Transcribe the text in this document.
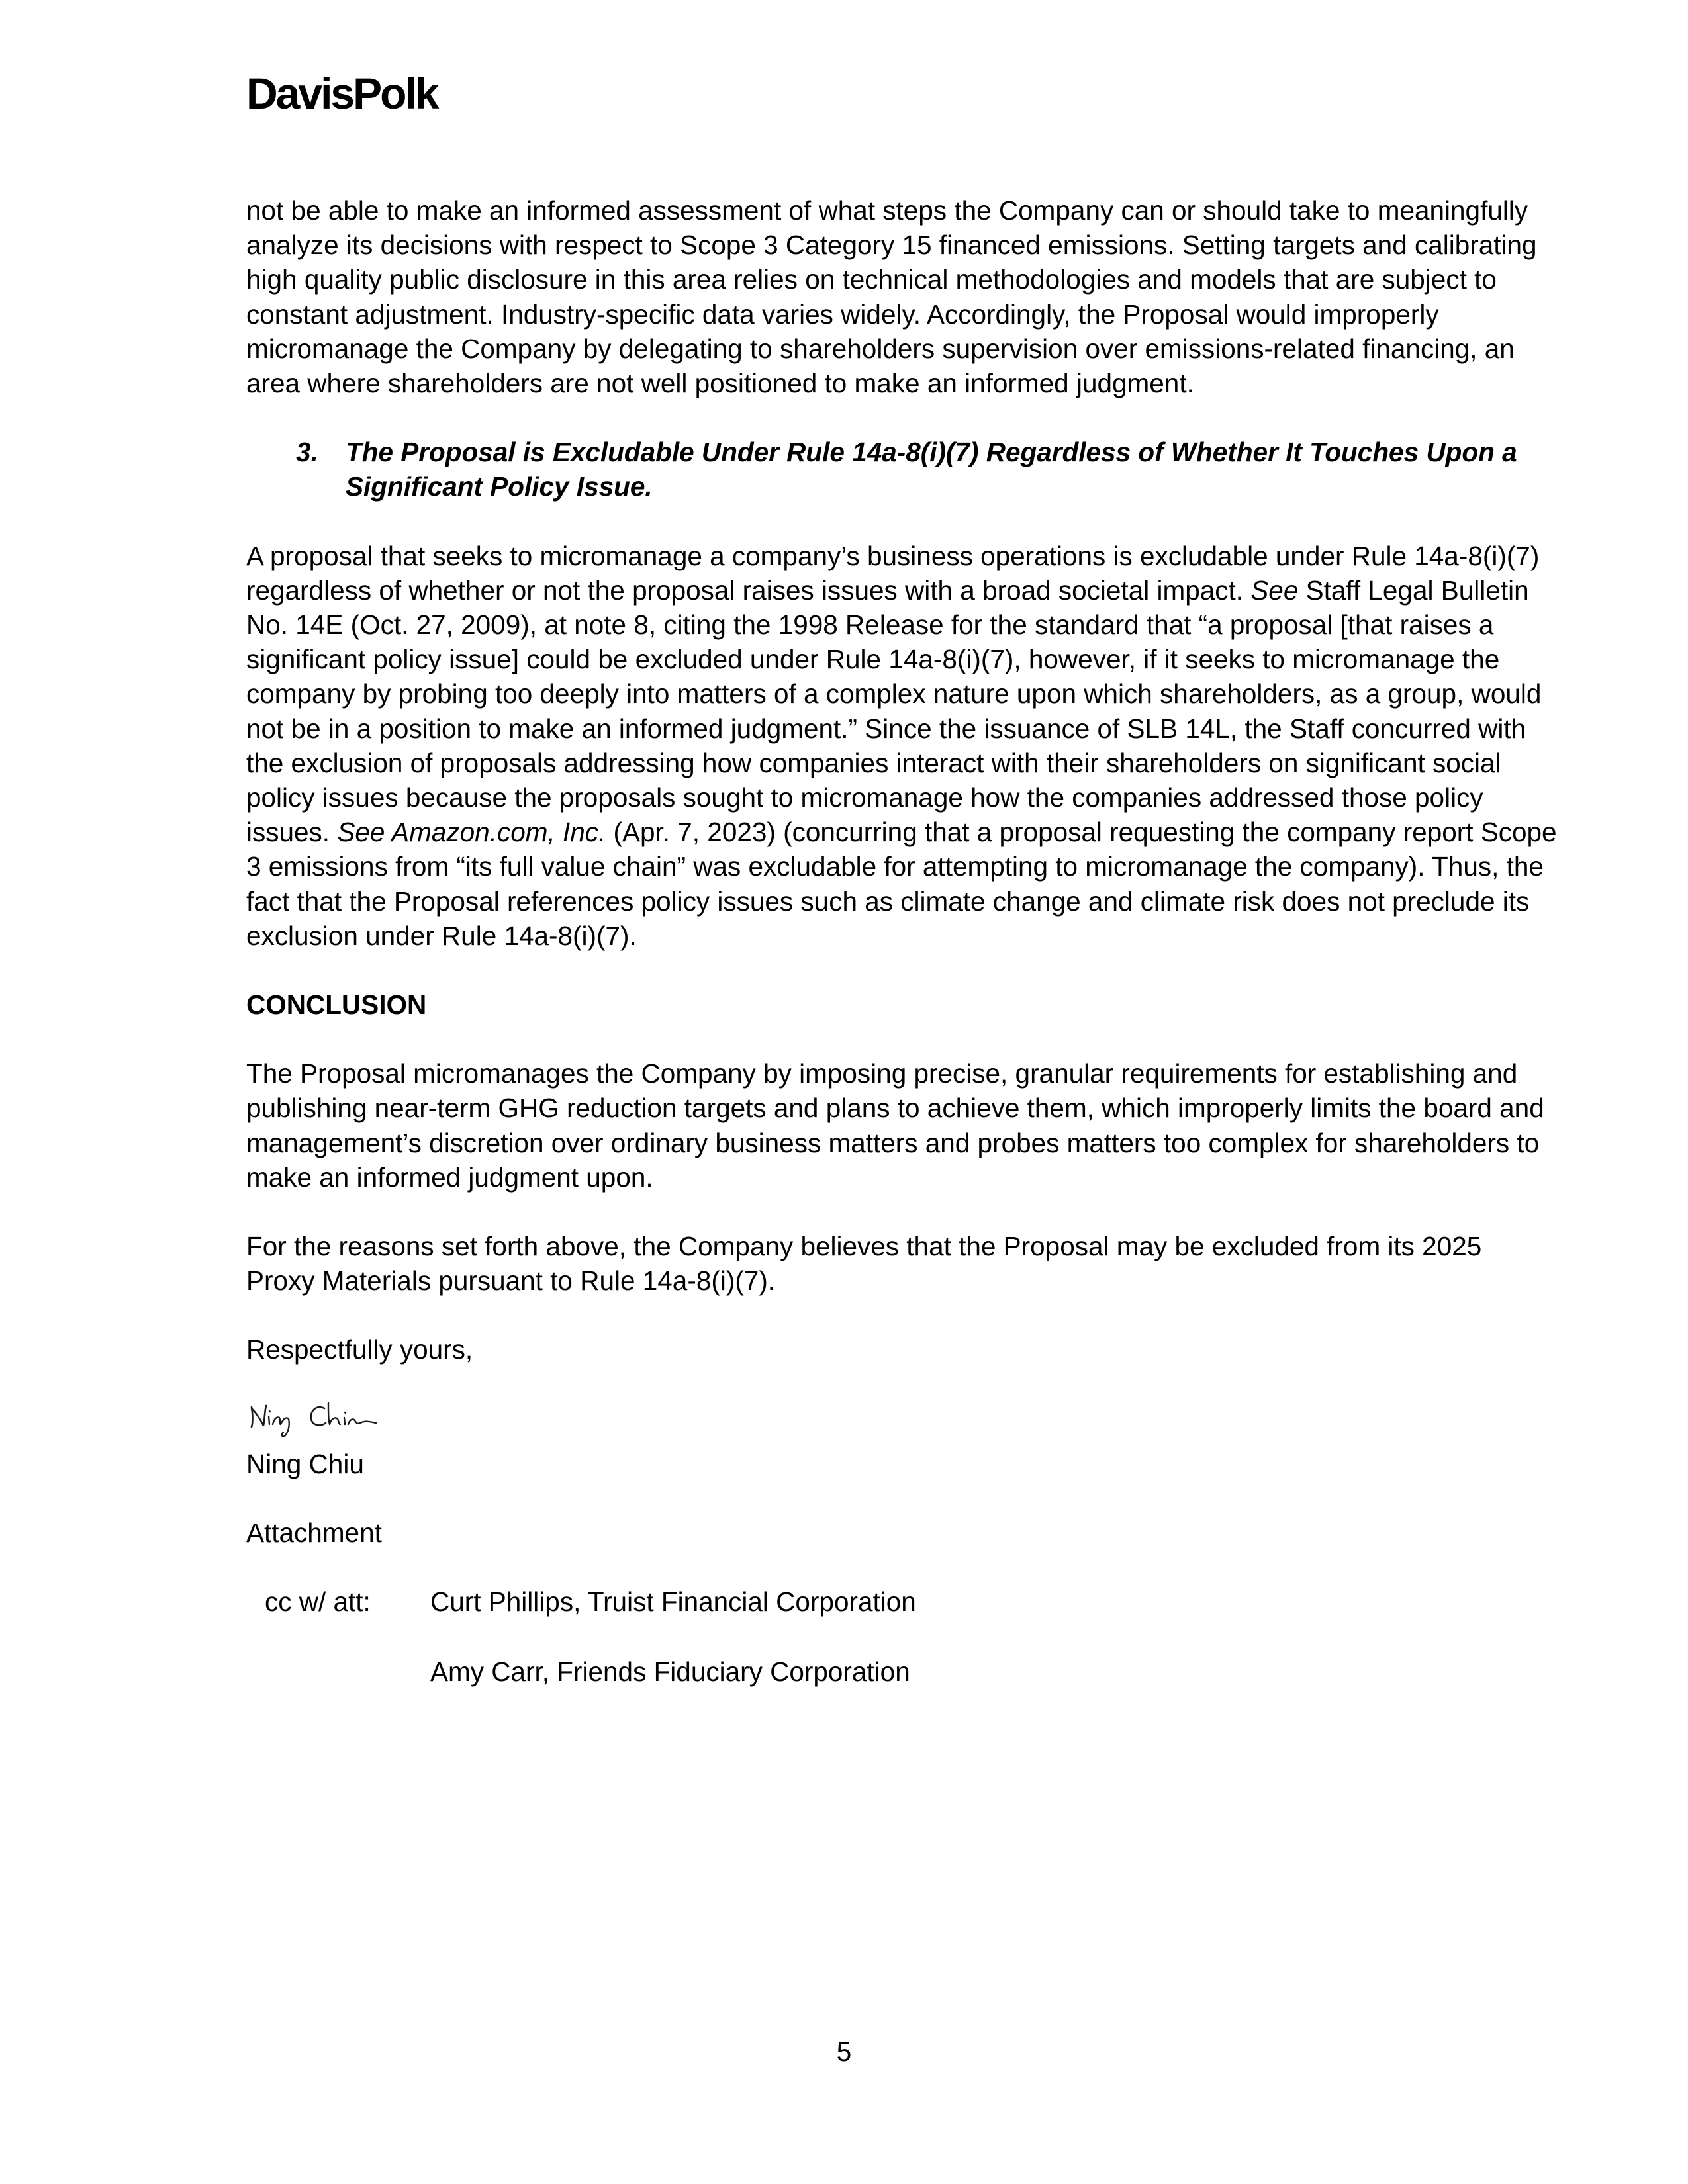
DavisPolk

not be able to make an informed assessment of what steps the Company can or should take to meaningfully analyze its decisions with respect to Scope 3 Category 15 financed emissions. Setting targets and calibrating high quality public disclosure in this area relies on technical methodologies and models that are subject to constant adjustment. Industry-specific data varies widely. Accordingly, the Proposal would improperly micromanage the Company by delegating to shareholders supervision over emissions-related financing, an area where shareholders are not well positioned to make an informed judgment.

3.	The Proposal is Excludable Under Rule 14a-8(i)(7) Regardless of Whether It Touches Upon a Significant Policy Issue.

A proposal that seeks to micromanage a company’s business operations is excludable under Rule 14a-8(i)(7) regardless of whether or not the proposal raises issues with a broad societal impact. See Staff Legal Bulletin No. 14E (Oct. 27, 2009), at note 8, citing the 1998 Release for the standard that “a proposal [that raises a significant policy issue] could be excluded under Rule 14a-8(i)(7), however, if it seeks to micromanage the company by probing too deeply into matters of a complex nature upon which shareholders, as a group, would not be in a position to make an informed judgment.” Since the issuance of SLB 14L, the Staff concurred with the exclusion of proposals addressing how companies interact with their shareholders on significant social policy issues because the proposals sought to micromanage how the companies addressed those policy issues. See Amazon.com, Inc. (Apr. 7, 2023) (concurring that a proposal requesting the company report Scope 3 emissions from “its full value chain” was excludable for attempting to micromanage the company). Thus, the fact that the Proposal references policy issues such as climate change and climate risk does not preclude its exclusion under Rule 14a-8(i)(7).

CONCLUSION

The Proposal micromanages the Company by imposing precise, granular requirements for establishing and publishing near-term GHG reduction targets and plans to achieve them, which improperly limits the board and management’s discretion over ordinary business matters and probes matters too complex for shareholders to make an informed judgment upon.

For the reasons set forth above, the Company believes that the Proposal may be excluded from its 2025 Proxy Materials pursuant to Rule 14a-8(i)(7).

Respectfully yours,

Ning Chiu

Attachment

cc w/ att: Curt Phillips, Truist Financial Corporation
Amy Carr, Friends Fiduciary Corporation
5
